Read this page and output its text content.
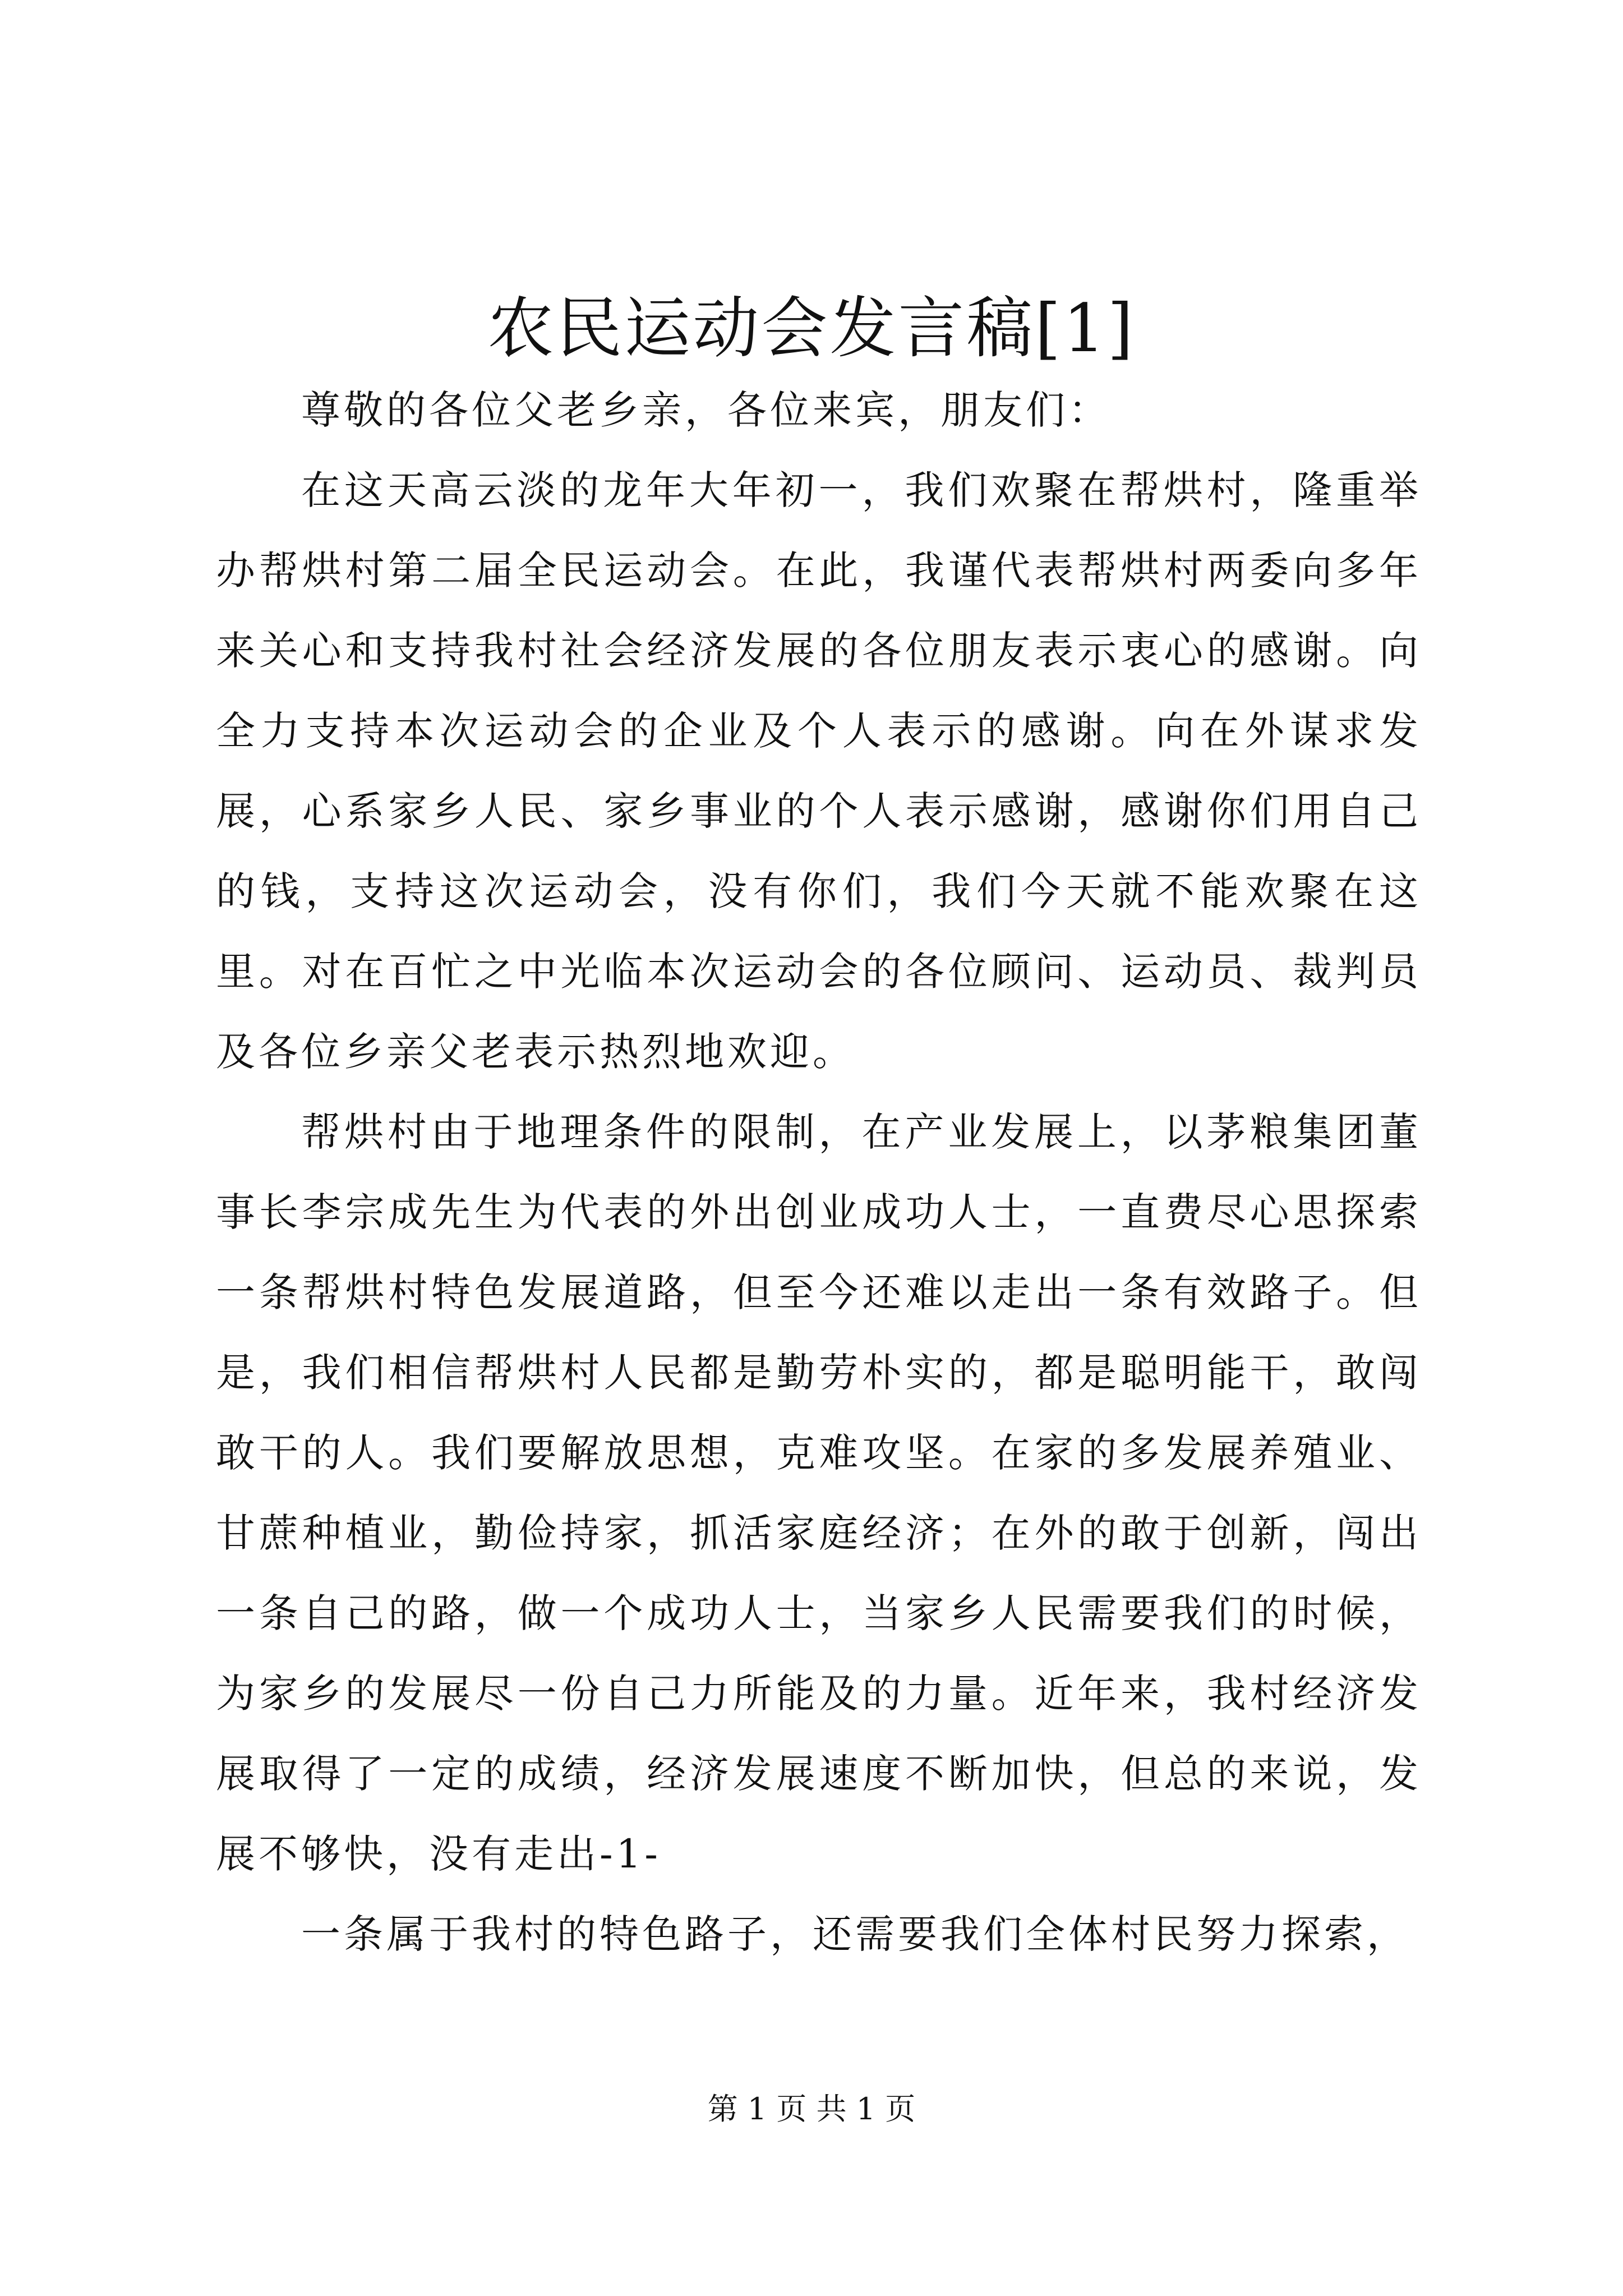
农民运动会发言稿[1]

尊敬的各位父老乡亲，各位来宾，朋友们：

在这天高云淡的龙年大年初一，我们欢聚在帮烘村，隆重举办帮烘村第二届全民运动会。在此，我谨代表帮烘村两委向多年来关心和支持我村社会经济发展的各位朋友表示衷心的感谢。向全力支持本次运动会的企业及个人表示的感谢。向在外谋求发展，心系家乡人民、家乡事业的个人表示感谢，感谢你们用自己的钱，支持这次运动会，没有你们，我们今天就不能欢聚在这里。对在百忙之中光临本次运动会的各位顾问、运动员、裁判员及各位乡亲父老表示热烈地欢迎。

帮烘村由于地理条件的限制，在产业发展上，以茅粮集团董事长李宗成先生为代表的外出创业成功人士，一直费尽心思探索一条帮烘村特色发展道路，但至今还难以走出一条有效路子。但是，我们相信帮烘村人民都是勤劳朴实的，都是聪明能干，敢闯敢干的人。我们要解放思想，克难攻坚。在家的多发展养殖业、甘蔗种植业，勤俭持家，抓活家庭经济；在外的敢于创新，闯出一条自己的路，做一个成功人士，当家乡人民需要我们的时候，为家乡的发展尽一份自己力所能及的力量。近年来，我村经济发展取得了一定的成绩，经济发展速度不断加快，但总的来说，发展不够快，没有走出-1-

一条属于我村的特色路子，还需要我们全体村民努力探索，

第 1 页 共 1 页
